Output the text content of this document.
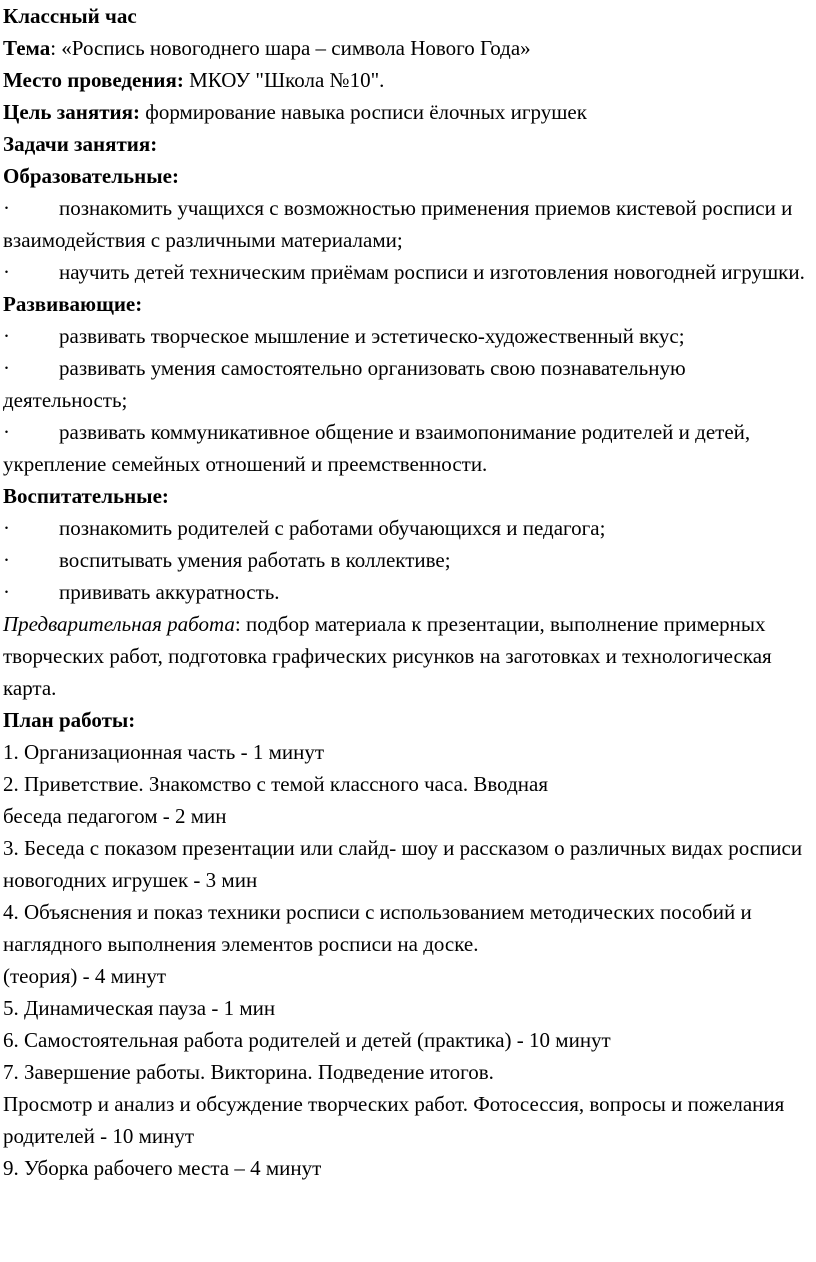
Классный час

Тема: «Роспись новогоднего шара – символа Нового Года»

Место проведения: МКОУ "Школа №10".

Цель занятия: формирование навыка росписи ёлочных игрушек

Задачи занятия:

Образовательные:

· познакомить учащихся с возможностью применения приемов кистевой росписи и взаимодействия с различными материалами;

· научить детей техническим приёмам росписи и изготовления новогодней игрушки.

Развивающие:

· развивать творческое мышление и эстетическо-художественный вкус;

· развивать умения самостоятельно организовать свою познавательную деятельность;

· развивать коммуникативное общение и взаимопонимание родителей и детей, укрепление семейных отношений и преемственности.

Воспитательные:

· познакомить родителей с работами обучающихся и педагога;

· воспитывать умения работать в коллективе;

· прививать аккуратность.

Предварительная работа: подбор материала к презентации, выполнение примерных творческих работ, подготовка графических рисунков на заготовках и технологическая карта.

План работы:

1. Организационная часть - 1 минут

2. Приветствие. Знакомство с темой классного часа. Вводная

беседа педагогом - 2 мин

3. Беседа с показом презентации или слайд- шоу и рассказом о различных видах росписи новогодних игрушек - 3 мин

4. Объяснения и показ техники росписи с использованием методических пособий и наглядного выполнения элементов росписи на доске.

(теория) - 4 минут

5. Динамическая пауза - 1 мин

6. Самостоятельная работа родителей и детей (практика) - 10 минут

7. Завершение работы. Викторина. Подведение итогов.

Просмотр и анализ и обсуждение творческих работ. Фотосессия, вопросы и пожелания родителей - 10 минут

9. Уборка рабочего места – 4 минут
